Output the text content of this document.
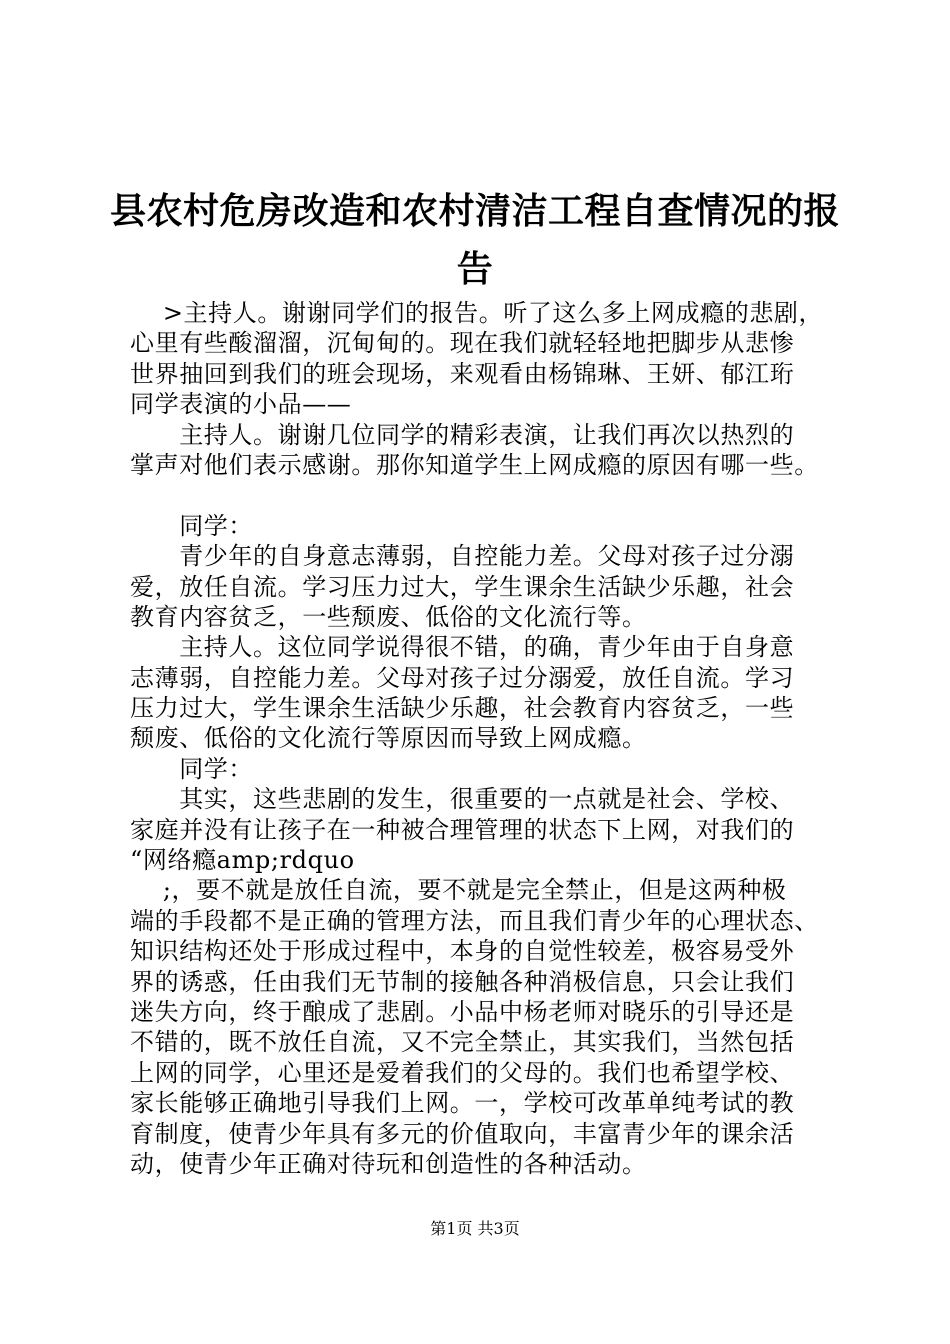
县农村危房改造和农村清洁工程自查情况的报
告
　 >主持人。谢谢同学们的报告。听了这么多上网成瘾的悲剧，
心里有些酸溜溜，沉甸甸的。现在我们就轻轻地把脚步从悲惨
世界抽回到我们的班会现场，来观看由杨锦琳、王妍、郁江珩
同学表演的小品——
　　主持人。谢谢几位同学的精彩表演，让我们再次以热烈的
掌声对他们表示感谢。那你知道学生上网成瘾的原因有哪一些。
　　同学：
　　青少年的自身意志薄弱，自控能力差。父母对孩子过分溺
爱，放任自流。学习压力过大，学生课余生活缺少乐趣，社会
教育内容贫乏，一些颓废、低俗的文化流行等。
　　主持人。这位同学说得很不错，的确，青少年由于自身意
志薄弱，自控能力差。父母对孩子过分溺爱，放任自流。学习
压力过大，学生课余生活缺少乐趣，社会教育内容贫乏，一些
颓废、低俗的文化流行等原因而导致上网成瘾。
　　同学：
　　其实，这些悲剧的发生，很重要的一点就是社会、学校、
家庭并没有让孩子在一种被合理管理的状态下上网，对我们的
“网络瘾amp;rdquo
　 ;，要不就是放任自流，要不就是完全禁止，但是这两种极
端的手段都不是正确的管理方法，而且我们青少年的心理状态、
知识结构还处于形成过程中，本身的自觉性较差，极容易受外
界的诱惑，任由我们无节制的接触各种消极信息，只会让我们
迷失方向，终于酿成了悲剧。小品中杨老师对晓乐的引导还是
不错的，既不放任自流，又不完全禁止，其实我们，当然包括
上网的同学，心里还是爱着我们的父母的。我们也希望学校、
家长能够正确地引导我们上网。一，学校可改革单纯考试的教
育制度，使青少年具有多元的价值取向，丰富青少年的课余活
动，使青少年正确对待玩和创造性的各种活动。
第1页 共3页
